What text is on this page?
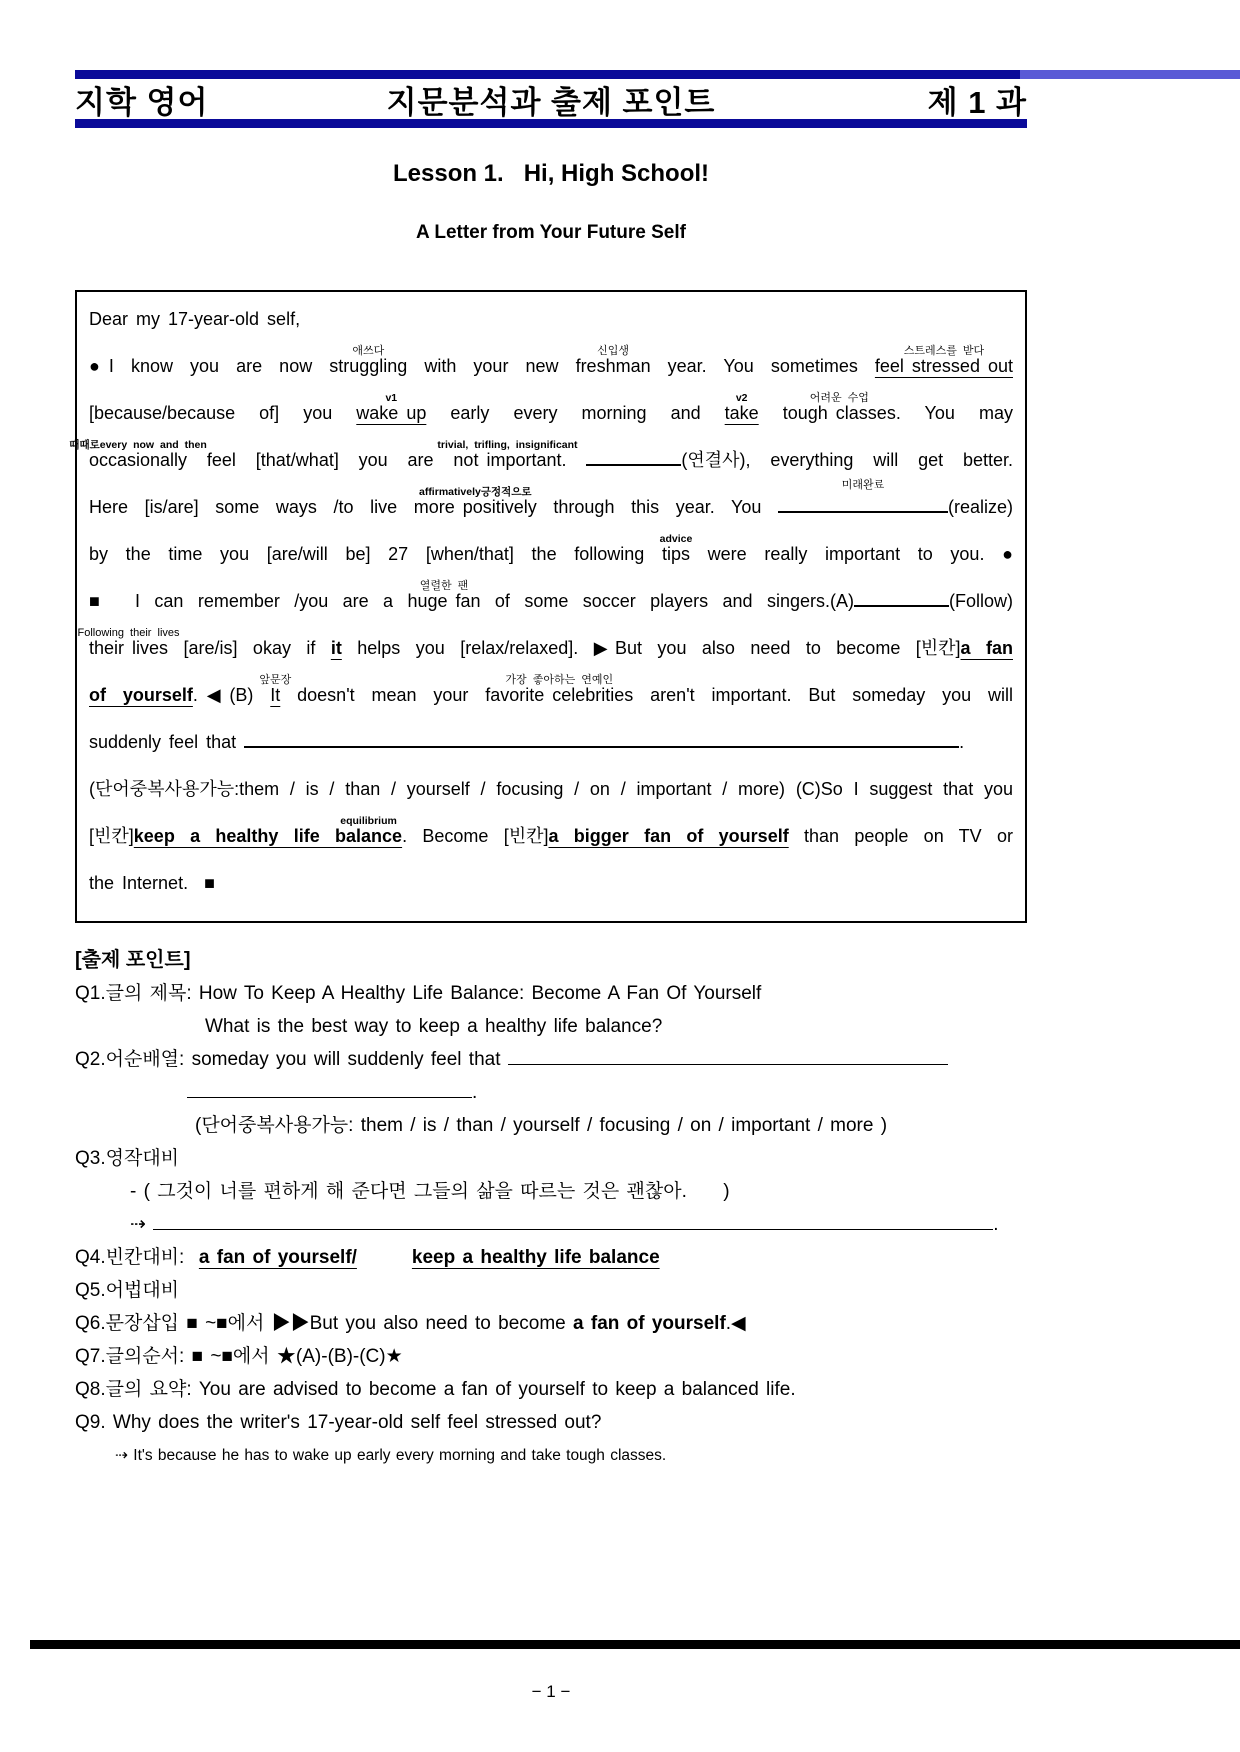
지학 영어	지문분석과 출제 포인트	제 1 과
Lesson 1.   Hi, High School!
A Letter from Your Future Self
Dear my 17-year-old self,
●I know you are now struggling
애쓰다
with your new freshman
신입생
year. You sometimes feel stressed out
스트레스를 받다
[because/because of] you wake up
v1
early every morning and take
v2
tough classes
어려운 수업
. You may
occasionally
때때로every now and then
feel [that/what] you are not important
trivial, trifling, insignificant
.	(연결사), everything will get better.
Here [is/are] some ways /to live more positively
affirmatively긍정적으로
through this year. You
미래완료
(realize)
by the time you [are/will be] 27 [when/that] the following tips
advice
were really important to you. ●
■  I can remember /you are a huge fan
열렬한 팬
of some soccer players and singers.(A)	(Follow)
their lives
Following their lives
[are/is] okay if it helps you [relax/relaxed]. ▶But you also need to become [빈칸]a fan
of yourself.◀(B) It
앞문장
doesn't mean your favorite celebrities
가장 좋아하는 연예인
aren't important. But someday you will
suddenly feel that	.
(단어중복사용가능:them / is / than / yourself / focusing / on / important / more) (C)So I suggest that you
[빈칸]keep a healthy life balance
equilibrium
. Become [빈칸]a bigger fan of yourself than people on TV or
the Internet.  ■
[출제 포인트]
Q1.글의 제목: How To Keep A Healthy Life Balance: Become A Fan Of Yourself
What is the best way to keep a healthy life balance?
Q2.어순배열: someday you will suddenly feel that
.
(단어중복사용가능: them / is / than / yourself / focusing / on / important / more )
Q3.영작대비
- ( 그것이 너를 편하게 해 준다면 그들의 삶을 따르는 것은 괜찮아.     )
⇢	.
Q4.빈칸대비:  a fan of yourself/	keep a healthy life balance
Q5.어법대비
Q6.문장삽입 ■ ~■에서 ▶▶But you also need to become a fan of yourself.◀
Q7.글의순서: ■ ~■에서 ★(A)-(B)-(C)★
Q8.글의 요약: You are advised to become a fan of yourself to keep a balanced life.
Q9. Why does the writer's 17-year-old self feel stressed out?
⇢ It's because he has to wake up early every morning and take tough classes.
− 1 −
